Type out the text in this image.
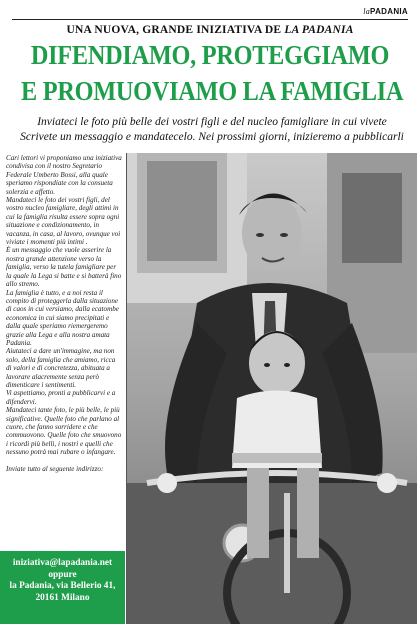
laPADANIA
UNA NUOVA, GRANDE INIZIATIVA DE LA PADANIA
DIFENDIAMO, PROTEGGIAMO
E PROMUOVIAMO LA FAMIGLIA
Inviateci le foto più belle dei vostri figli e del nucleo famigliare in cui vivete
Scrivete un messaggio e mandatecelo. Nei prossimi giorni, inizieremo a pubblicarli

Cari lettori vi proponiamo una iniziativa condivisa con il nostro Segretario Federale Umberto Bossi, alla quale speriamo rispondiate con la consueta solerzia e affetto.

Mandateci le foto dei vostri figli, del vostro nucleo famigliare, degli attimi in cui la famiglia risulta essere sopra ogni situazione e condizionamento, in vacanza, in casa, al lavoro, ovunque voi viviate i momenti più intimi .

È un messaggio che vuole asserire la nostra grande attenzione verso la famiglia, verso la tutela famigliare per la quale la Lega si batte e si batterà fino allo stremo.

La famiglia è tutto, e a noi resta il compito di proteggerla dalla situazione di caos in cui versiamo, dalla ecatombe economica in cui siamo precipitati e dalla quale speriamo riemergeremo grazie alla Lega e alla nostra amata Padania.

Aiutateci a dare un'immagine, ma non solo, della famiglia che amiamo, ricca di valori e di concretezza, abituata a lavorare alacremente senza però dimenticare i sentimenti.

Vi aspettiamo, pronti a pubblicarvi e a difendervi.

Mandateci tante foto, le più belle, le più significative. Quelle foto che parlano al cuore, che fanno sorridere e che commuovono. Quelle foto che smuovono i ricordi più belli, i nostri e quelli che nessuno potrà mai rubare o infangare.

Inviate tutto al seguente indirizzo:

iniziativa@lapadania.net
oppure
la Padania, via Bellerio 41,
20161 Milano
